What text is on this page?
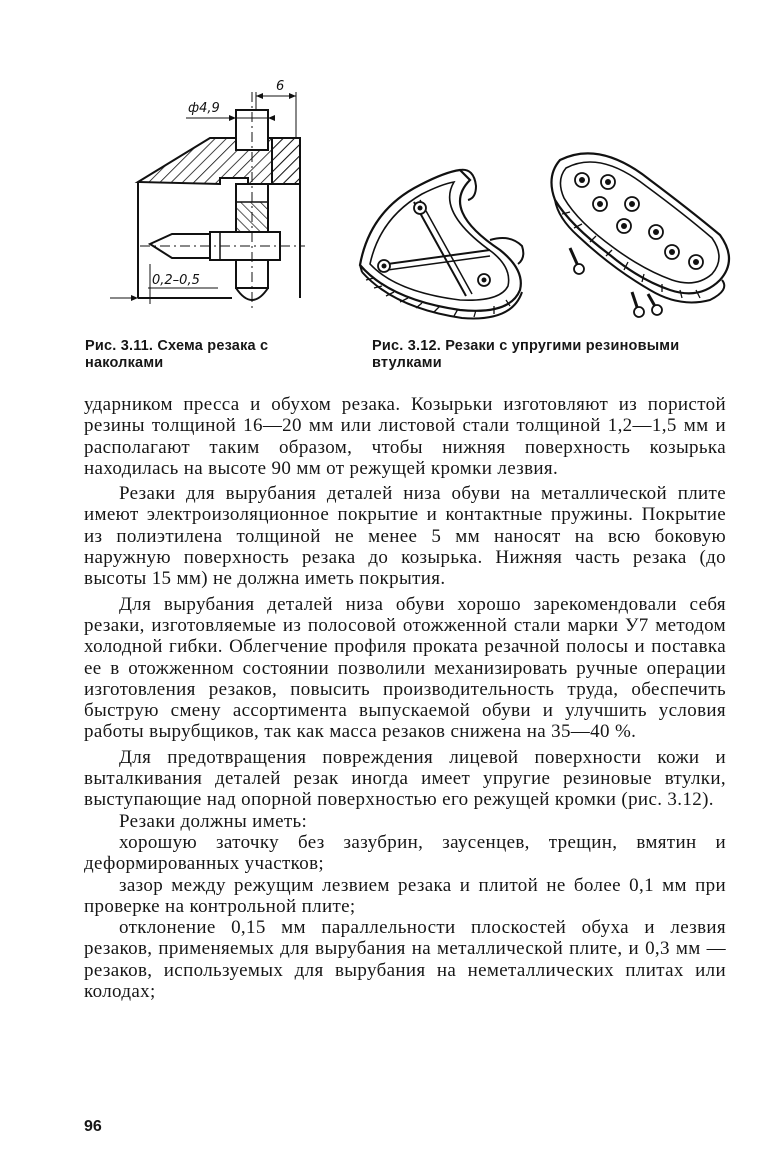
6
ф4,9
0,2–0,5
Рис. 3.11. Схема резака с наколками
Рис. 3.12. Резаки с упругими резиновыми втулками

ударником пресса и обухом резака. Козырьки изготовляют из пористой резины толщиной 16—20 мм или листовой стали толщиной 1,2—1,5 мм и располагают таким образом, чтобы нижняя поверхность козырька находилась на высоте 90 мм от режущей кромки лезвия.

Резаки для вырубания деталей низа обуви на металлической плите имеют электроизоляционное покрытие и контактные пружины. Покрытие из полиэтилена толщиной не менее 5 мм наносят на всю боковую наружную поверхность резака до козырька. Нижняя часть резака (до высоты 15 мм) не должна иметь покрытия.

Для вырубания деталей низа обуви хорошо зарекомендовали себя резаки, изготовляемые из полосовой отожженной стали марки У7 методом холодной гибки. Облегчение профиля проката резачной полосы и поставка ее в отожженном состоянии позволили механизировать ручные операции изготовления резаков, повысить производительность труда, обеспечить быструю смену ассортимента выпускаемой обуви и улучшить условия работы вырубщиков, так как масса резаков снижена на 35—40 %.

Для предотвращения повреждения лицевой поверхности кожи и выталкивания деталей резак иногда имеет упругие резиновые втулки, выступающие над опорной поверхностью его режущей кромки (рис. 3.12).

Резаки должны иметь:

хорошую заточку без зазубрин, заусенцев, трещин, вмятин и деформированных участков;

зазор между режущим лезвием резака и плитой не более 0,1 мм при проверке на контрольной плите;

отклонение 0,15 мм параллельности плоскостей обуха и лезвия резаков, применяемых для вырубания на металлической плите, и 0,3 мм — резаков, используемых для вырубания на неметаллических плитах или колодах;

96
